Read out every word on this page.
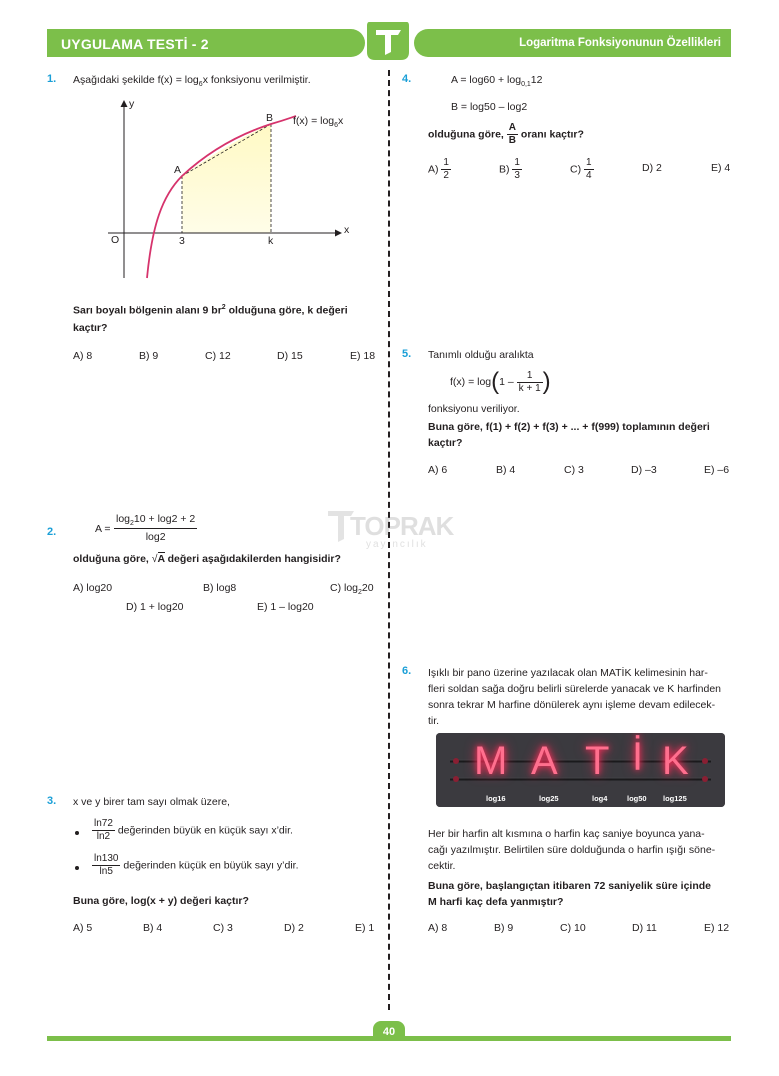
UYGULAMA TESTİ - 2	Logaritma Fonksiyonunun Özellikleri
TOPRAK
yayıncılık
1. Aşağıdaki şekilde $f(x) = \log_6x$ fonksiyonu verilmiştir.
y
x
O	3	k
A
B $f(x) = \log_6x$
Sarı boyalı bölgenin alanı 9 $br^2$ olduğuna göre, k değeri
kaçtır?
A) 8	B) 9	C) 12	D) 15	E) 18
2.	$A = \frac{\log_210 + \log 2 + 2}{\log 2}$
olduğuna göre, √A değeri aşağıdakilerden hangisidir?
A) log20	B) log8	C) $\log_220$
D) 1 + log20	E) 1 – log20
3. x ve y birer tam sayı olmak üzere,
$\frac{\ln 72}{\ln 2}$ değerinden büyük en küçük sayı x’dir.
$\frac{\ln 130}{\ln 5}$ değerinden küçük en büyük sayı y’dir.
Buna göre, log(x + y) değeri kaçtır?
A) 5	B) 4	C) 3	D) 2	E) 1
4.	$A = \log 60 + \log_{0,1}12$
B = log50 – log2
olduğuna göre, $\frac{A}{B}$ oranı kaçtır?
$A) \frac{1}{2}$	$B) \frac{1}{3}$	$C) \frac{1}{4}$	D) 2	E) 4
5. Tanımlı olduğu aralıkta
$f(x) = \log(1 - \frac{1}{k + 1}$ )
fonksiyonu veriliyor.
Buna göre, f(1) + f(2) + f(3) + ... + f(999) toplamının değeri
kaçtır?
A) 6	B) 4	C) 3	D) –3	E) –6
6. Işıklı bir pano üzerine yazılacak olan MATİK kelimesinin har-
fleri soldan sağa doğru belirli sürelerde yanacak ve K harfinden
sonra tekrar M harfine dönülerek aynı işleme devam edilecek-
tir.
M A T İ K
log16	log25	log4	log50 log125
Her bir harfin alt kısmına o harfin kaç saniye boyunca yana-
cağı yazılmıştır. Belirtilen süre dolduğunda o harfin ışığı söne-
cektir.
Buna göre, başlangıçtan itibaren 72 saniyelik süre içinde
M harfi kaç defa yanmıştır?
A) 8	B) 9	C) 10	D) 11	E) 12
40
